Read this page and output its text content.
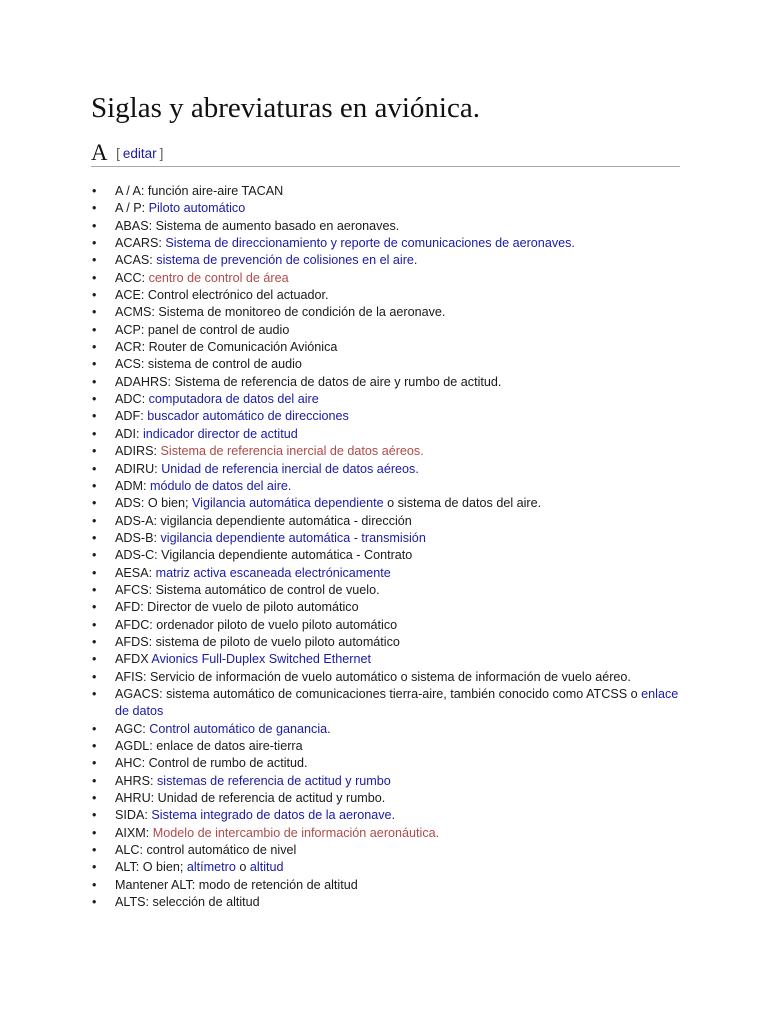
Siglas y abreviaturas en aviónica.
A [ editar ]
• A / A: función aire-aire TACAN
• A / P: Piloto automático
• ABAS: Sistema de aumento basado en aeronaves.
• ACARS: Sistema de direccionamiento y reporte de comunicaciones de aeronaves.
• ACAS: sistema de prevención de colisiones en el aire.
• ACC: centro de control de área
• ACE: Control electrónico del actuador.
• ACMS: Sistema de monitoreo de condición de la aeronave.
• ACP: panel de control de audio
• ACR: Router de Comunicación Aviónica
• ACS: sistema de control de audio
• ADAHRS: Sistema de referencia de datos de aire y rumbo de actitud.
• ADC: computadora de datos del aire
• ADF: buscador automático de direcciones
• ADI: indicador director de actitud
• ADIRS: Sistema de referencia inercial de datos aéreos.
• ADIRU: Unidad de referencia inercial de datos aéreos.
• ADM: módulo de datos del aire.
• ADS: O bien; Vigilancia automática dependiente o sistema de datos del aire.
• ADS-A: vigilancia dependiente automática - dirección
• ADS-B: vigilancia dependiente automática - transmisión
• ADS-C: Vigilancia dependiente automática - Contrato
• AESA: matriz activa escaneada electrónicamente
• AFCS: Sistema automático de control de vuelo.
• AFD: Director de vuelo de piloto automático
• AFDC: ordenador piloto de vuelo piloto automático
• AFDS: sistema de piloto de vuelo piloto automático
• AFDX Avionics Full-Duplex Switched Ethernet
• AFIS: Servicio de información de vuelo automático o sistema de información de vuelo aéreo.
• AGACS: sistema automático de comunicaciones tierra-aire, también conocido como ATCSS o enlace de datos
• AGC: Control automático de ganancia.
• AGDL: enlace de datos aire-tierra
• AHC: Control de rumbo de actitud.
• AHRS: sistemas de referencia de actitud y rumbo
• AHRU: Unidad de referencia de actitud y rumbo.
• SIDA: Sistema integrado de datos de la aeronave.
• AIXM: Modelo de intercambio de información aeronáutica.
• ALC: control automático de nivel
• ALT: O bien; altímetro o altitud
• Mantener ALT: modo de retención de altitud
• ALTS: selección de altitud
